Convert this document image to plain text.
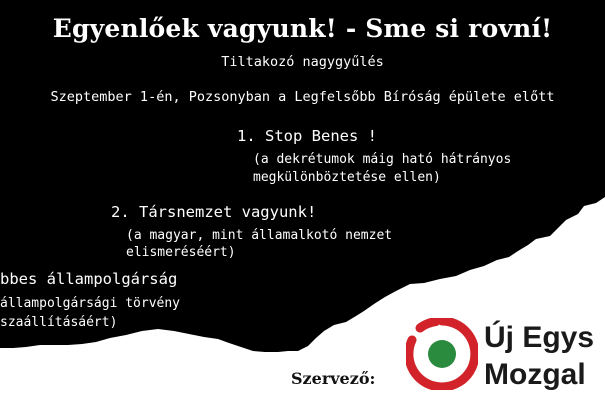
Egyenlőek vagyunk! - Sme si rovní!
Tiltakozó nagygyűlés
Szeptember 1-én, Pozsonyban a Legfelsőbb Bíróság épülete előtt
1. Stop Benes !
(a dekrétumok máig ható hátrányos
megkülönböztetése ellen)
2. Társnemzet vagyunk!
(a magyar, mint államalkotó nemzet
elismeréséért)
bbes állampolgárság
állampolgársági törvény
szaállításáért)
Szervező:
Új Egys
Mozgal
